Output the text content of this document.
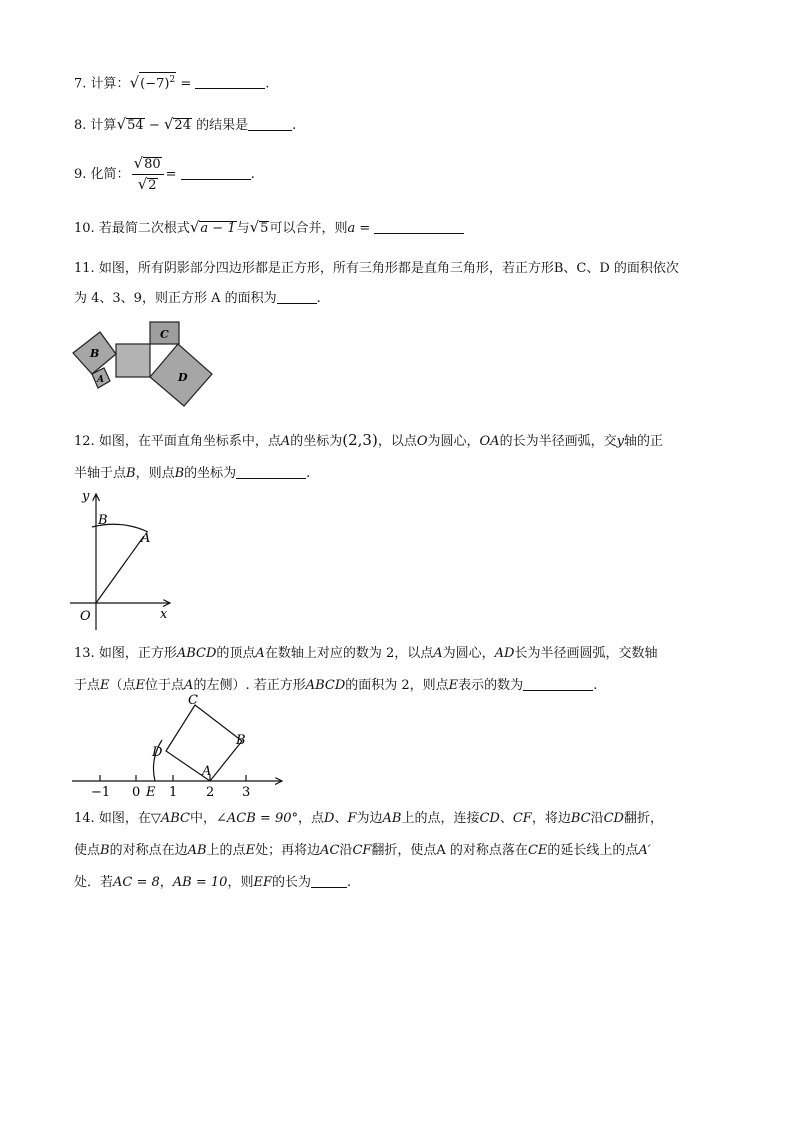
7. 计算：$√(-7)^2$ =	.
8. 计算√54 − √24 的结果是	.
9. 化简： $\frac{√80}{√2}$ =	.
10. 若最简二次根式√a − 1与√5可以合并，则a =
11. 如图，所有阴影部分四边形都是正方形，所有三角形都是直角三角形，若正方形B、C、D 的面积依次
为 4、3、9，则正方形 A 的面积为	.
B
A
C
D
12. 如图，在平面直角坐标系中，点A的坐标为(2,3)，以点O为圆心，OA的长为半径画弧，交y轴的正
半轴于点B，则点B的坐标为	.
y
x
O
A
B
13. 如图，正方形ABCD的顶点A在数轴上对应的数为 2，以点A为圆心，AD长为半径画圆弧，交数轴
于点E（点E位于点A的左侧）. 若正方形ABCD的面积为 2，则点E表示的数为	.
−1 0 1 2 3
C
B
D
A
E
14. 如图，在▽ABC中，∠ACB = 90°，点D、F为边AB上的点，连接CD、CF，将边BC沿CD翻折，
使点B的对称点在边AB上的点E处；再将边AC沿CF翻折，使点A 的对称点落在CE的延长线上的点A′
处．若AC = 8，AB = 10，则EF的长为	.
